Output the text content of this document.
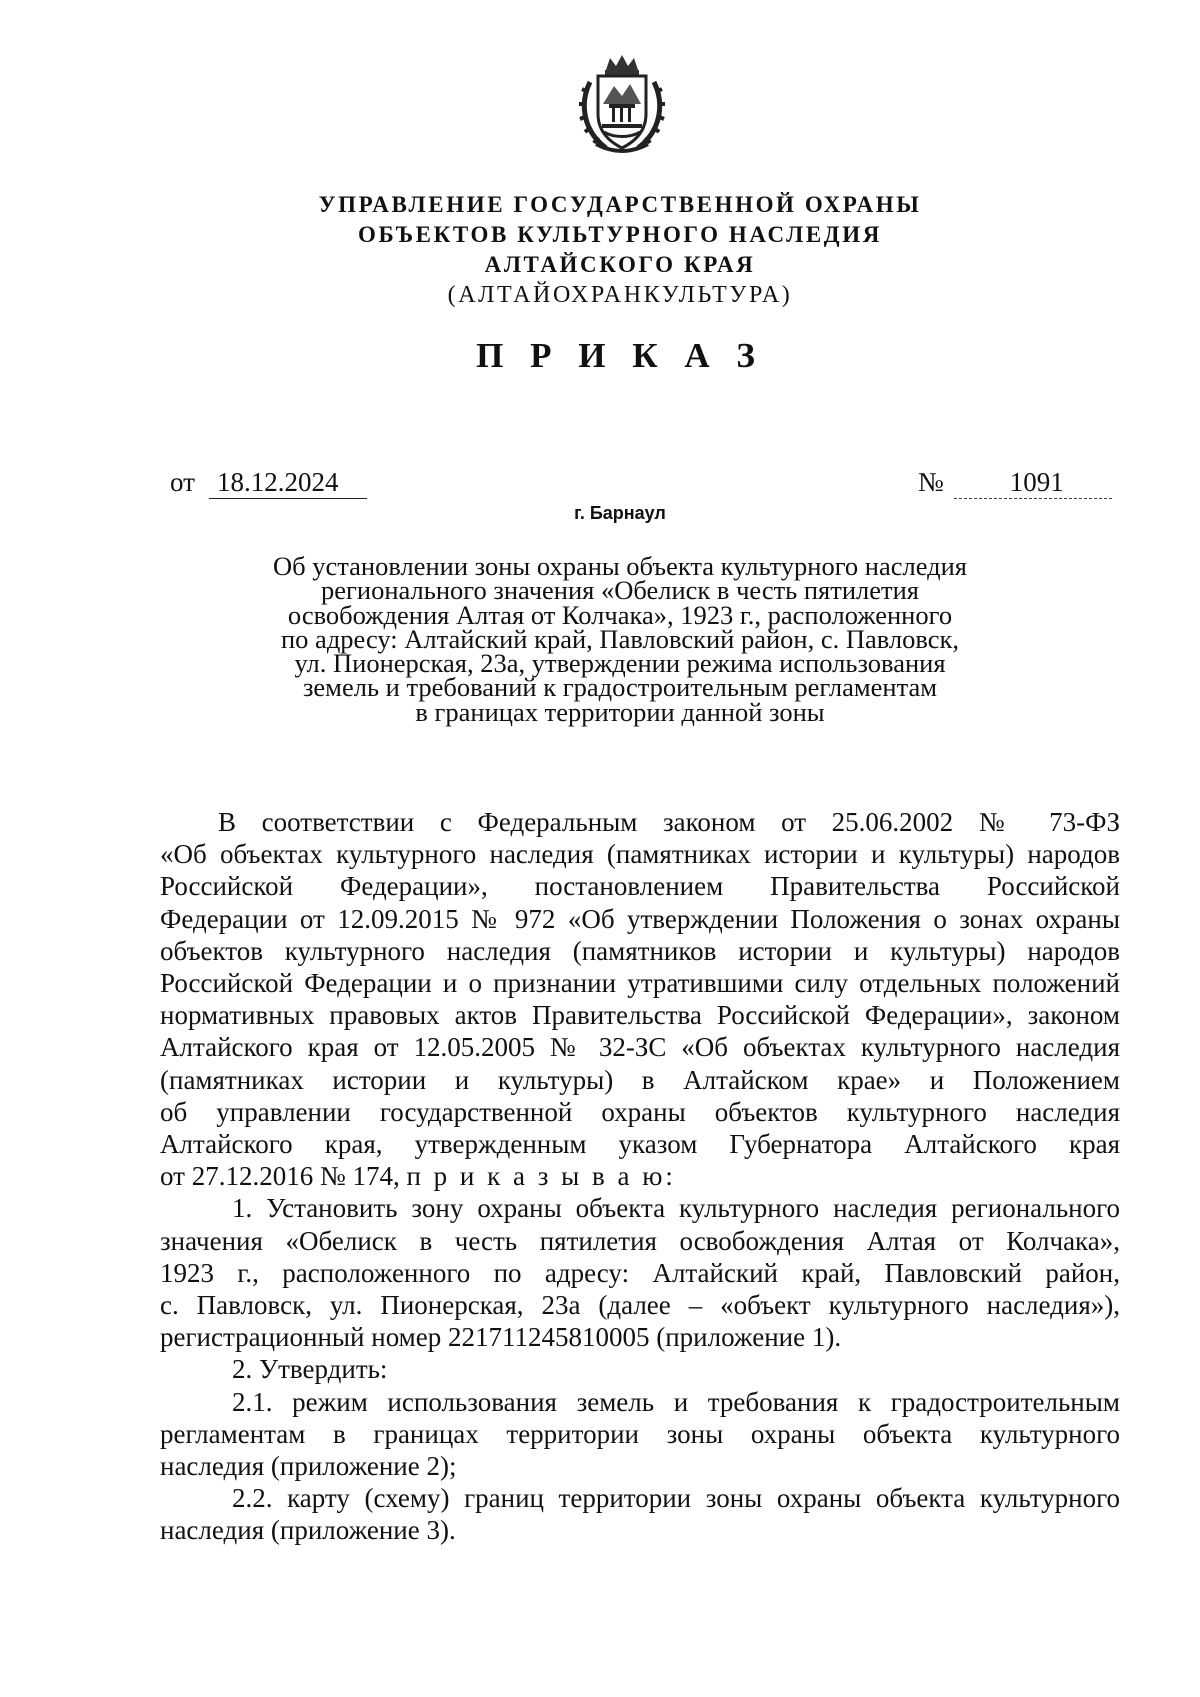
УПРАВЛЕНИЕ ГОСУДАРСТВЕННОЙ ОХРАНЫ
ОБЪЕКТОВ КУЛЬТУРНОГО НАСЛЕДИЯ
АЛТАЙСКОГО КРАЯ
(АЛТАЙОХРАНКУЛЬТУРА)
П Р И К А З
от 18.12.2024	№ 1091
г. Барнаул
Об установлении зоны охраны объекта культурного наследия
регионального значения «Обелиск в честь пятилетия
освобождения Алтая от Колчака», 1923 г., расположенного
по адресу: Алтайский край, Павловский район, с. Павловск,
ул. Пионерская, 23а, утверждении режима использования
земель и требований к градостроительным регламентам
в границах территории данной зоны
В соответствии с Федеральным законом от 25.06.2002 № 73-ФЗ
«Об объектах культурного наследия (памятниках истории и культуры) народов
Российской Федерации», постановлением Правительства Российской
Федерации от 12.09.2015 № 972 «Об утверждении Положения о зонах охраны
объектов культурного наследия (памятников истории и культуры) народов
Российской Федерации и о признании утратившими силу отдельных положений
нормативных правовых актов Правительства Российской Федерации», законом
Алтайского края от 12.05.2005 № 32-ЗС «Об объектах культурного наследия
(памятниках истории и культуры) в Алтайском крае» и Положением
об управлении государственной охраны объектов культурного наследия
Алтайского края, утвержденным указом Губернатора Алтайского края
от 27.12.2016 № 174, п р и к а з ы в а ю:
1. Установить зону охраны объекта культурного наследия регионального
значения «Обелиск в честь пятилетия освобождения Алтая от Колчака»,
1923 г., расположенного по адресу: Алтайский край, Павловский район,
с. Павловск, ул. Пионерская, 23а (далее – «объект культурного наследия»),
регистрационный номер 221711245810005 (приложение 1).
2. Утвердить:
2.1. режим использования земель и требования к градостроительным
регламентам в границах территории зоны охраны объекта культурного
наследия (приложение 2);
2.2. карту (схему) границ территории зоны охраны объекта культурного
наследия (приложение 3).
